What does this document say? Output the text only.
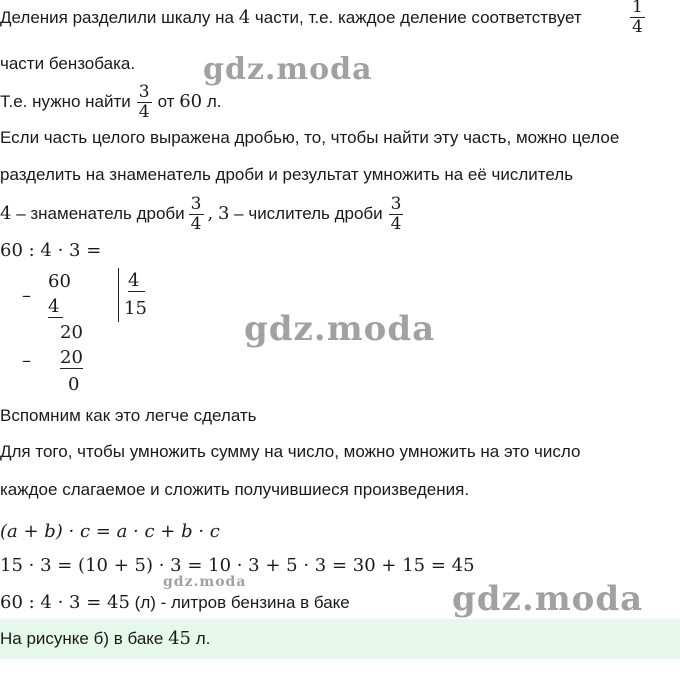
Деления разделили шкалу на 4 части, т.е. каждое деление соответствует	$\frac{1}{4}$
части бензобака.
Т.е. нужно найти $\frac{3}{4}$ от
60
л.
Если часть целого выражена дробью, то, чтобы найти эту часть, можно целое
разделить на знаменатель дроби и результат умножить на её числитель
4
– знаменатель дроби $\frac{3}{4}$ ,
3
– числитель дроби $\frac{3}{4}$
60 : 4 · 3 =
–
60
4
4
15
20
– 20
0
Вспомним как это легче сделать
Для того, чтобы умножить сумму на число, можно умножить на это число
каждое слагаемое и сложить получившиеся произведения.
(a + b) · c = a · c + b · c
15 · 3 = (10 + 5) · 3 = 10 · 3 + 5 · 3 = 30 + 15 = 45
60 : 4 · 3 = 45 (л) - литров бензина в баке
На рисунке б) в баке 45 л.
gdz.moda
gdz.moda
gdz.moda	gdz.moda
